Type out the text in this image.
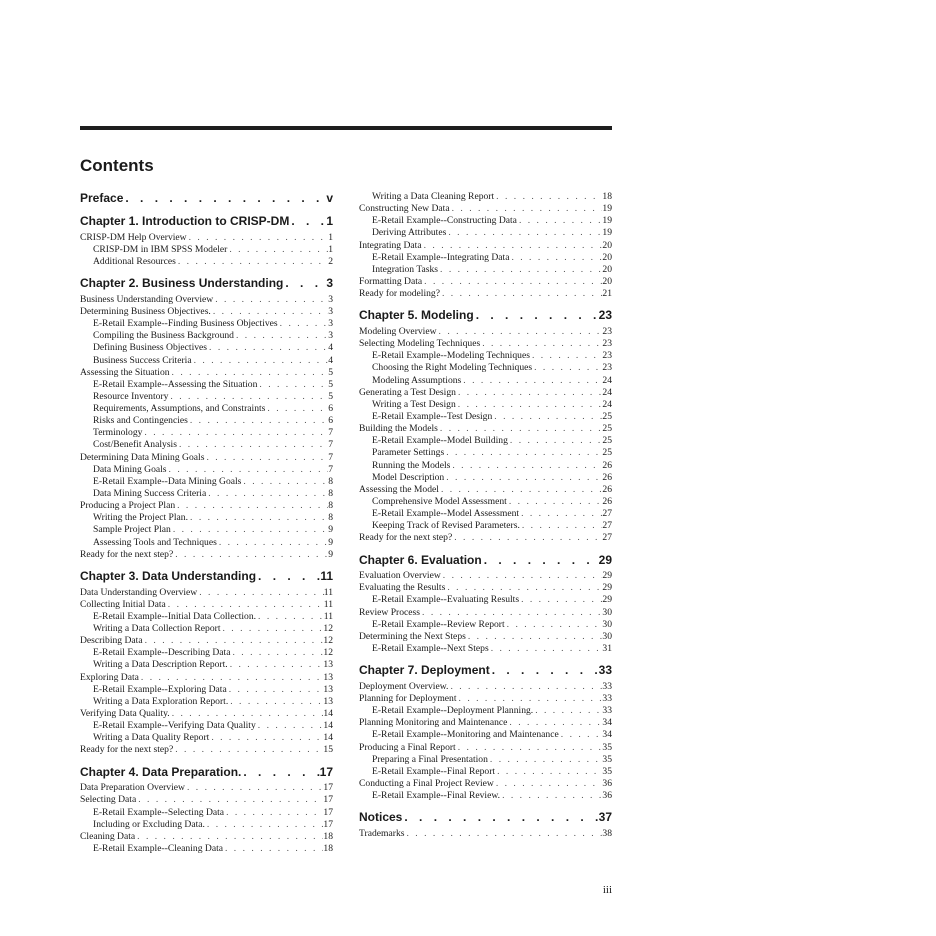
Contents
Preface . . .	v
Chapter 1. Introduction to CRISP-DM . . .	1
CRISP-DM Help Overview . . .	1
CRISP-DM in IBM SPSS Modeler . . .	1
Additional Resources . . .	2
Chapter 2. Business Understanding . . .	3
Business Understanding Overview . . .	3
Determining Business Objectives. . . .	3
E-Retail Example--Finding Business Objectives . . .	3
Compiling the Business Background . . .	3
Defining Business Objectives . . .	4
Business Success Criteria . . .	4
Assessing the Situation . . .	5
E-Retail Example--Assessing the Situation . . .	5
Resource Inventory . . .	5
Requirements, Assumptions, and Constraints . . .	6
Risks and Contingencies . . .	6
Terminology . . .	7
Cost/Benefit Analysis . . .	7
Determining Data Mining Goals . . .	7
Data Mining Goals . . .	7
E-Retail Example--Data Mining Goals . . .	8
Data Mining Success Criteria . . .	8
Producing a Project Plan . . .	8
Writing the Project Plan. . . .	8
Sample Project Plan . . .	9
Assessing Tools and Techniques . . .	9
Ready for the next step? . . .	9
Chapter 3. Data Understanding . . .	11
Data Understanding Overview . . .	11
Collecting Initial Data . . .	11
E-Retail Example--Initial Data Collection. . . .	11
Writing a Data Collection Report . . .	12
Describing Data . . .	12
E-Retail Example--Describing Data . . .	12
Writing a Data Description Report. . . .	13
Exploring Data . . .	13
E-Retail Example--Exploring Data . . .	13
Writing a Data Exploration Report. . . .	13
Verifying Data Quality. . . .	14
E-Retail Example--Verifying Data Quality . . .	14
Writing a Data Quality Report . . .	14
Ready for the next step? . . .	15
Chapter 4. Data Preparation. . . .	17
Data Preparation Overview . . .	17
Selecting Data . . .	17
E-Retail Example--Selecting Data . . .	17
Including or Excluding Data. . . .	17
Cleaning Data . . .	18
E-Retail Example--Cleaning Data . . .	18
Writing a Data Cleaning Report . . .	18
Constructing New Data . . .	19
E-Retail Example--Constructing Data . . .	19
Deriving Attributes . . .	19
Integrating Data . . .	20
E-Retail Example--Integrating Data . . .	20
Integration Tasks . . .	20
Formatting Data . . .	20
Ready for modeling? . . .	21
Chapter 5. Modeling . . .	23
Modeling Overview . . .	23
Selecting Modeling Techniques . . .	23
E-Retail Example--Modeling Techniques . . .	23
Choosing the Right Modeling Techniques . . .	23
Modeling Assumptions . . .	24
Generating a Test Design . . .	24
Writing a Test Design . . .	24
E-Retail Example--Test Design . . .	25
Building the Models . . .	25
E-Retail Example--Model Building . . .	25
Parameter Settings . . .	25
Running the Models . . .	26
Model Description . . .	26
Assessing the Model . . .	26
Comprehensive Model Assessment . . .	26
E-Retail Example--Model Assessment . . .	27
Keeping Track of Revised Parameters. . . .	27
Ready for the next step? . . .	27
Chapter 6. Evaluation . . .	29
Evaluation Overview . . .	29
Evaluating the Results . . .	29
E-Retail Example--Evaluating Results . . .	29
Review Process . . .	30
E-Retail Example--Review Report . . .	30
Determining the Next Steps . . .	30
E-Retail Example--Next Steps . . .	31
Chapter 7. Deployment . . .	33
Deployment Overview. . . .	33
Planning for Deployment . . .	33
E-Retail Example--Deployment Planning. . . .	33
Planning Monitoring and Maintenance . . .	34
E-Retail Example--Monitoring and Maintenance . . .	34
Producing a Final Report . . .	35
Preparing a Final Presentation . . .	35
E-Retail Example--Final Report . . .	35
Conducting a Final Project Review . . .	36
E-Retail Example--Final Review. . . .	36
Notices . . .	37
Trademarks . . .	38
iii
